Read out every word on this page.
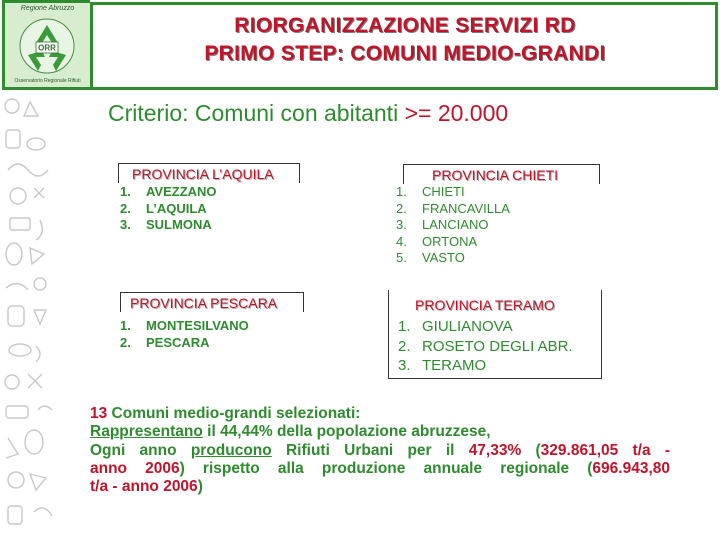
Regione Abruzzo
ORR
Osservatorio Regionale Rifiuti
RIORGANIZZAZIONE SERVIZI RD
PRIMO STEP: COMUNI MEDIO-GRANDI
Criterio: Comuni con abitanti >= 20.000
PROVINCIA L’AQUILA
1. AVEZZANO
2. L’AQUILA
3. SULMONA
PROVINCIA CHIETI
1. CHIETI
2. FRANCAVILLA
3. LANCIANO
4. ORTONA
5. VASTO
PROVINCIA PESCARA
1. MONTESILVANO
2. PESCARA
PROVINCIA TERAMO
1. GIULIANOVA
2. ROSETO DEGLI ABR.
3. TERAMO
13 Comuni medio-grandi selezionati:
Rappresentano il 44,44% della popolazione abruzzese,
Ogni anno producono Rifiuti Urbani per il 47,33% (329.861,05 t/a -
anno 2006) rispetto alla produzione annuale regionale (696.943,80
t/a - anno 2006)
